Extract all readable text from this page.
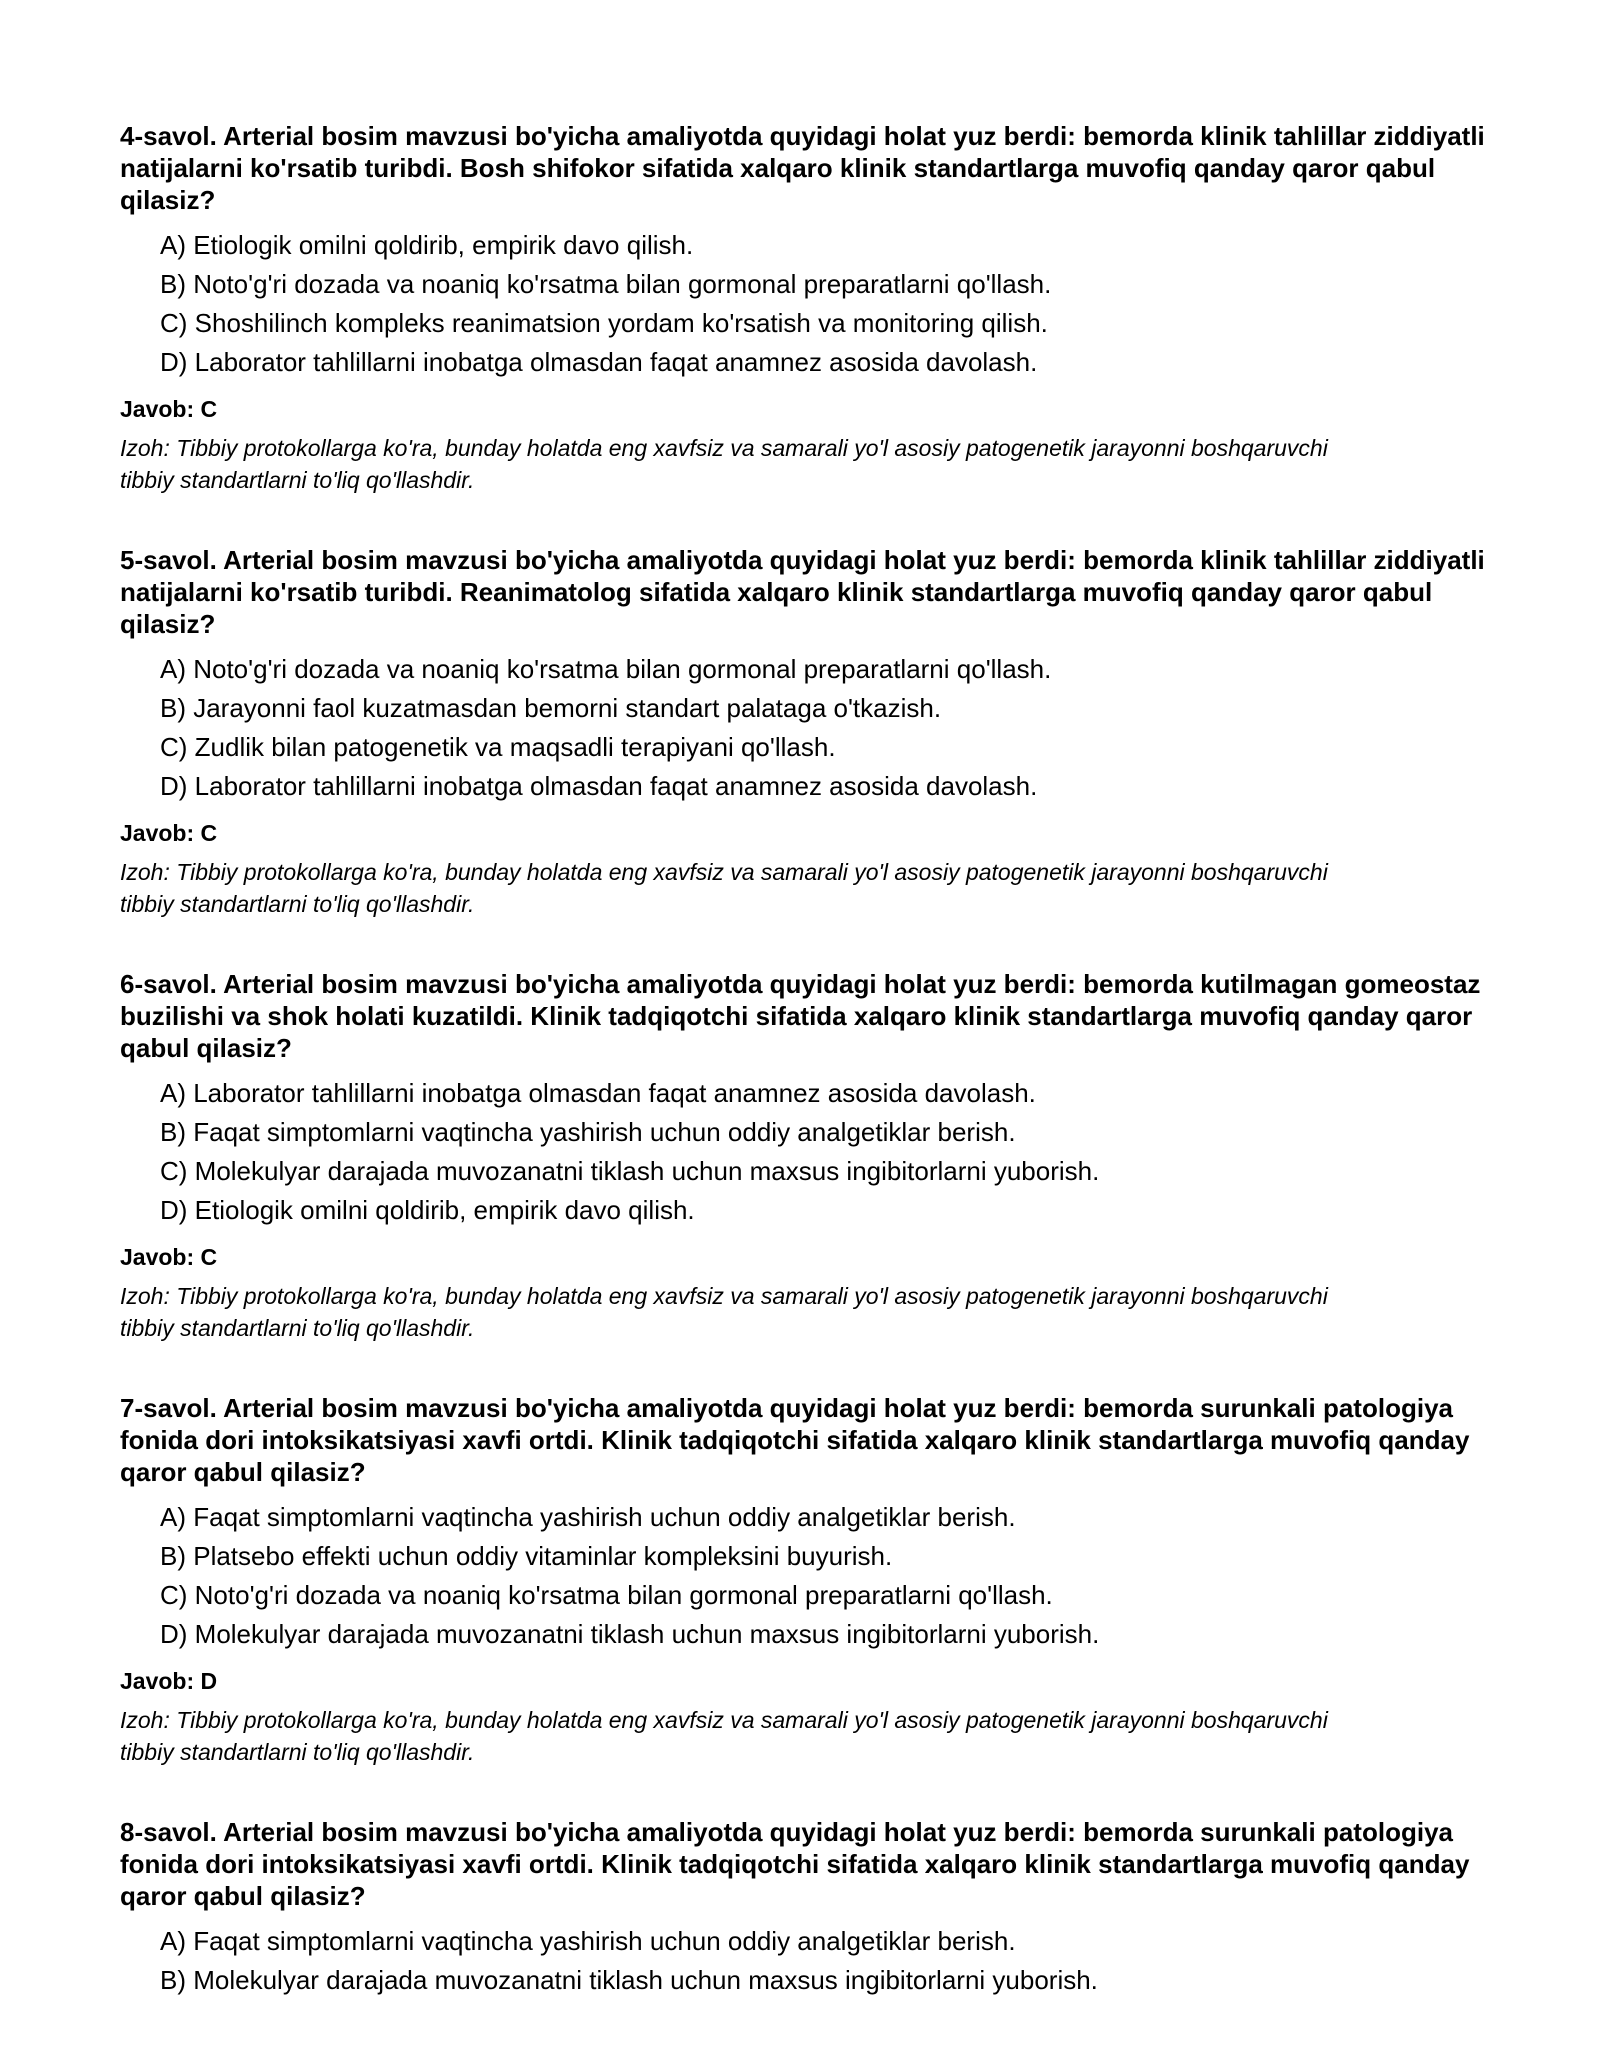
4-savol. Arterial bosim mavzusi bo'yicha amaliyotda quyidagi holat yuz berdi: bemorda klinik tahlillar ziddiyatli natijalarni ko'rsatib turibdi. Bosh shifokor sifatida xalqaro klinik standartlarga muvofiq qanday qaror qabul qilasiz?
A) Etiologik omilni qoldirib, empirik davo qilish.
B) Noto'g'ri dozada va noaniq ko'rsatma bilan gormonal preparatlarni qo'llash.
C) Shoshilinch kompleks reanimatsion yordam ko'rsatish va monitoring qilish.
D) Laborator tahlillarni inobatga olmasdan faqat anamnez asosida davolash.
Javob: C
Izoh: Tibbiy protokollarga ko'ra, bunday holatda eng xavfsiz va samarali yo'l asosiy patogenetik jarayonni boshqaruvchi tibbiy standartlarni to'liq qo'llashdir.
5-savol. Arterial bosim mavzusi bo'yicha amaliyotda quyidagi holat yuz berdi: bemorda klinik tahlillar ziddiyatli natijalarni ko'rsatib turibdi. Reanimatolog sifatida xalqaro klinik standartlarga muvofiq qanday qaror qabul qilasiz?
A) Noto'g'ri dozada va noaniq ko'rsatma bilan gormonal preparatlarni qo'llash.
B) Jarayonni faol kuzatmasdan bemorni standart palataga o'tkazish.
C) Zudlik bilan patogenetik va maqsadli terapiyani qo'llash.
D) Laborator tahlillarni inobatga olmasdan faqat anamnez asosida davolash.
Javob: C
Izoh: Tibbiy protokollarga ko'ra, bunday holatda eng xavfsiz va samarali yo'l asosiy patogenetik jarayonni boshqaruvchi tibbiy standartlarni to'liq qo'llashdir.
6-savol. Arterial bosim mavzusi bo'yicha amaliyotda quyidagi holat yuz berdi: bemorda kutilmagan gomeostaz buzilishi va shok holati kuzatildi. Klinik tadqiqotchi sifatida xalqaro klinik standartlarga muvofiq qanday qaror qabul qilasiz?
A) Laborator tahlillarni inobatga olmasdan faqat anamnez asosida davolash.
B) Faqat simptomlarni vaqtincha yashirish uchun oddiy analgetiklar berish.
C) Molekulyar darajada muvozanatni tiklash uchun maxsus ingibitorlarni yuborish.
D) Etiologik omilni qoldirib, empirik davo qilish.
Javob: C
Izoh: Tibbiy protokollarga ko'ra, bunday holatda eng xavfsiz va samarali yo'l asosiy patogenetik jarayonni boshqaruvchi tibbiy standartlarni to'liq qo'llashdir.
7-savol. Arterial bosim mavzusi bo'yicha amaliyotda quyidagi holat yuz berdi: bemorda surunkali patologiya fonida dori intoksikatsiyasi xavfi ortdi. Klinik tadqiqotchi sifatida xalqaro klinik standartlarga muvofiq qanday qaror qabul qilasiz?
A) Faqat simptomlarni vaqtincha yashirish uchun oddiy analgetiklar berish.
B) Platsebo effekti uchun oddiy vitaminlar kompleksini buyurish.
C) Noto'g'ri dozada va noaniq ko'rsatma bilan gormonal preparatlarni qo'llash.
D) Molekulyar darajada muvozanatni tiklash uchun maxsus ingibitorlarni yuborish.
Javob: D
Izoh: Tibbiy protokollarga ko'ra, bunday holatda eng xavfsiz va samarali yo'l asosiy patogenetik jarayonni boshqaruvchi tibbiy standartlarni to'liq qo'llashdir.
8-savol. Arterial bosim mavzusi bo'yicha amaliyotda quyidagi holat yuz berdi: bemorda surunkali patologiya fonida dori intoksikatsiyasi xavfi ortdi. Klinik tadqiqotchi sifatida xalqaro klinik standartlarga muvofiq qanday qaror qabul qilasiz?
A) Faqat simptomlarni vaqtincha yashirish uchun oddiy analgetiklar berish.
B) Molekulyar darajada muvozanatni tiklash uchun maxsus ingibitorlarni yuborish.
